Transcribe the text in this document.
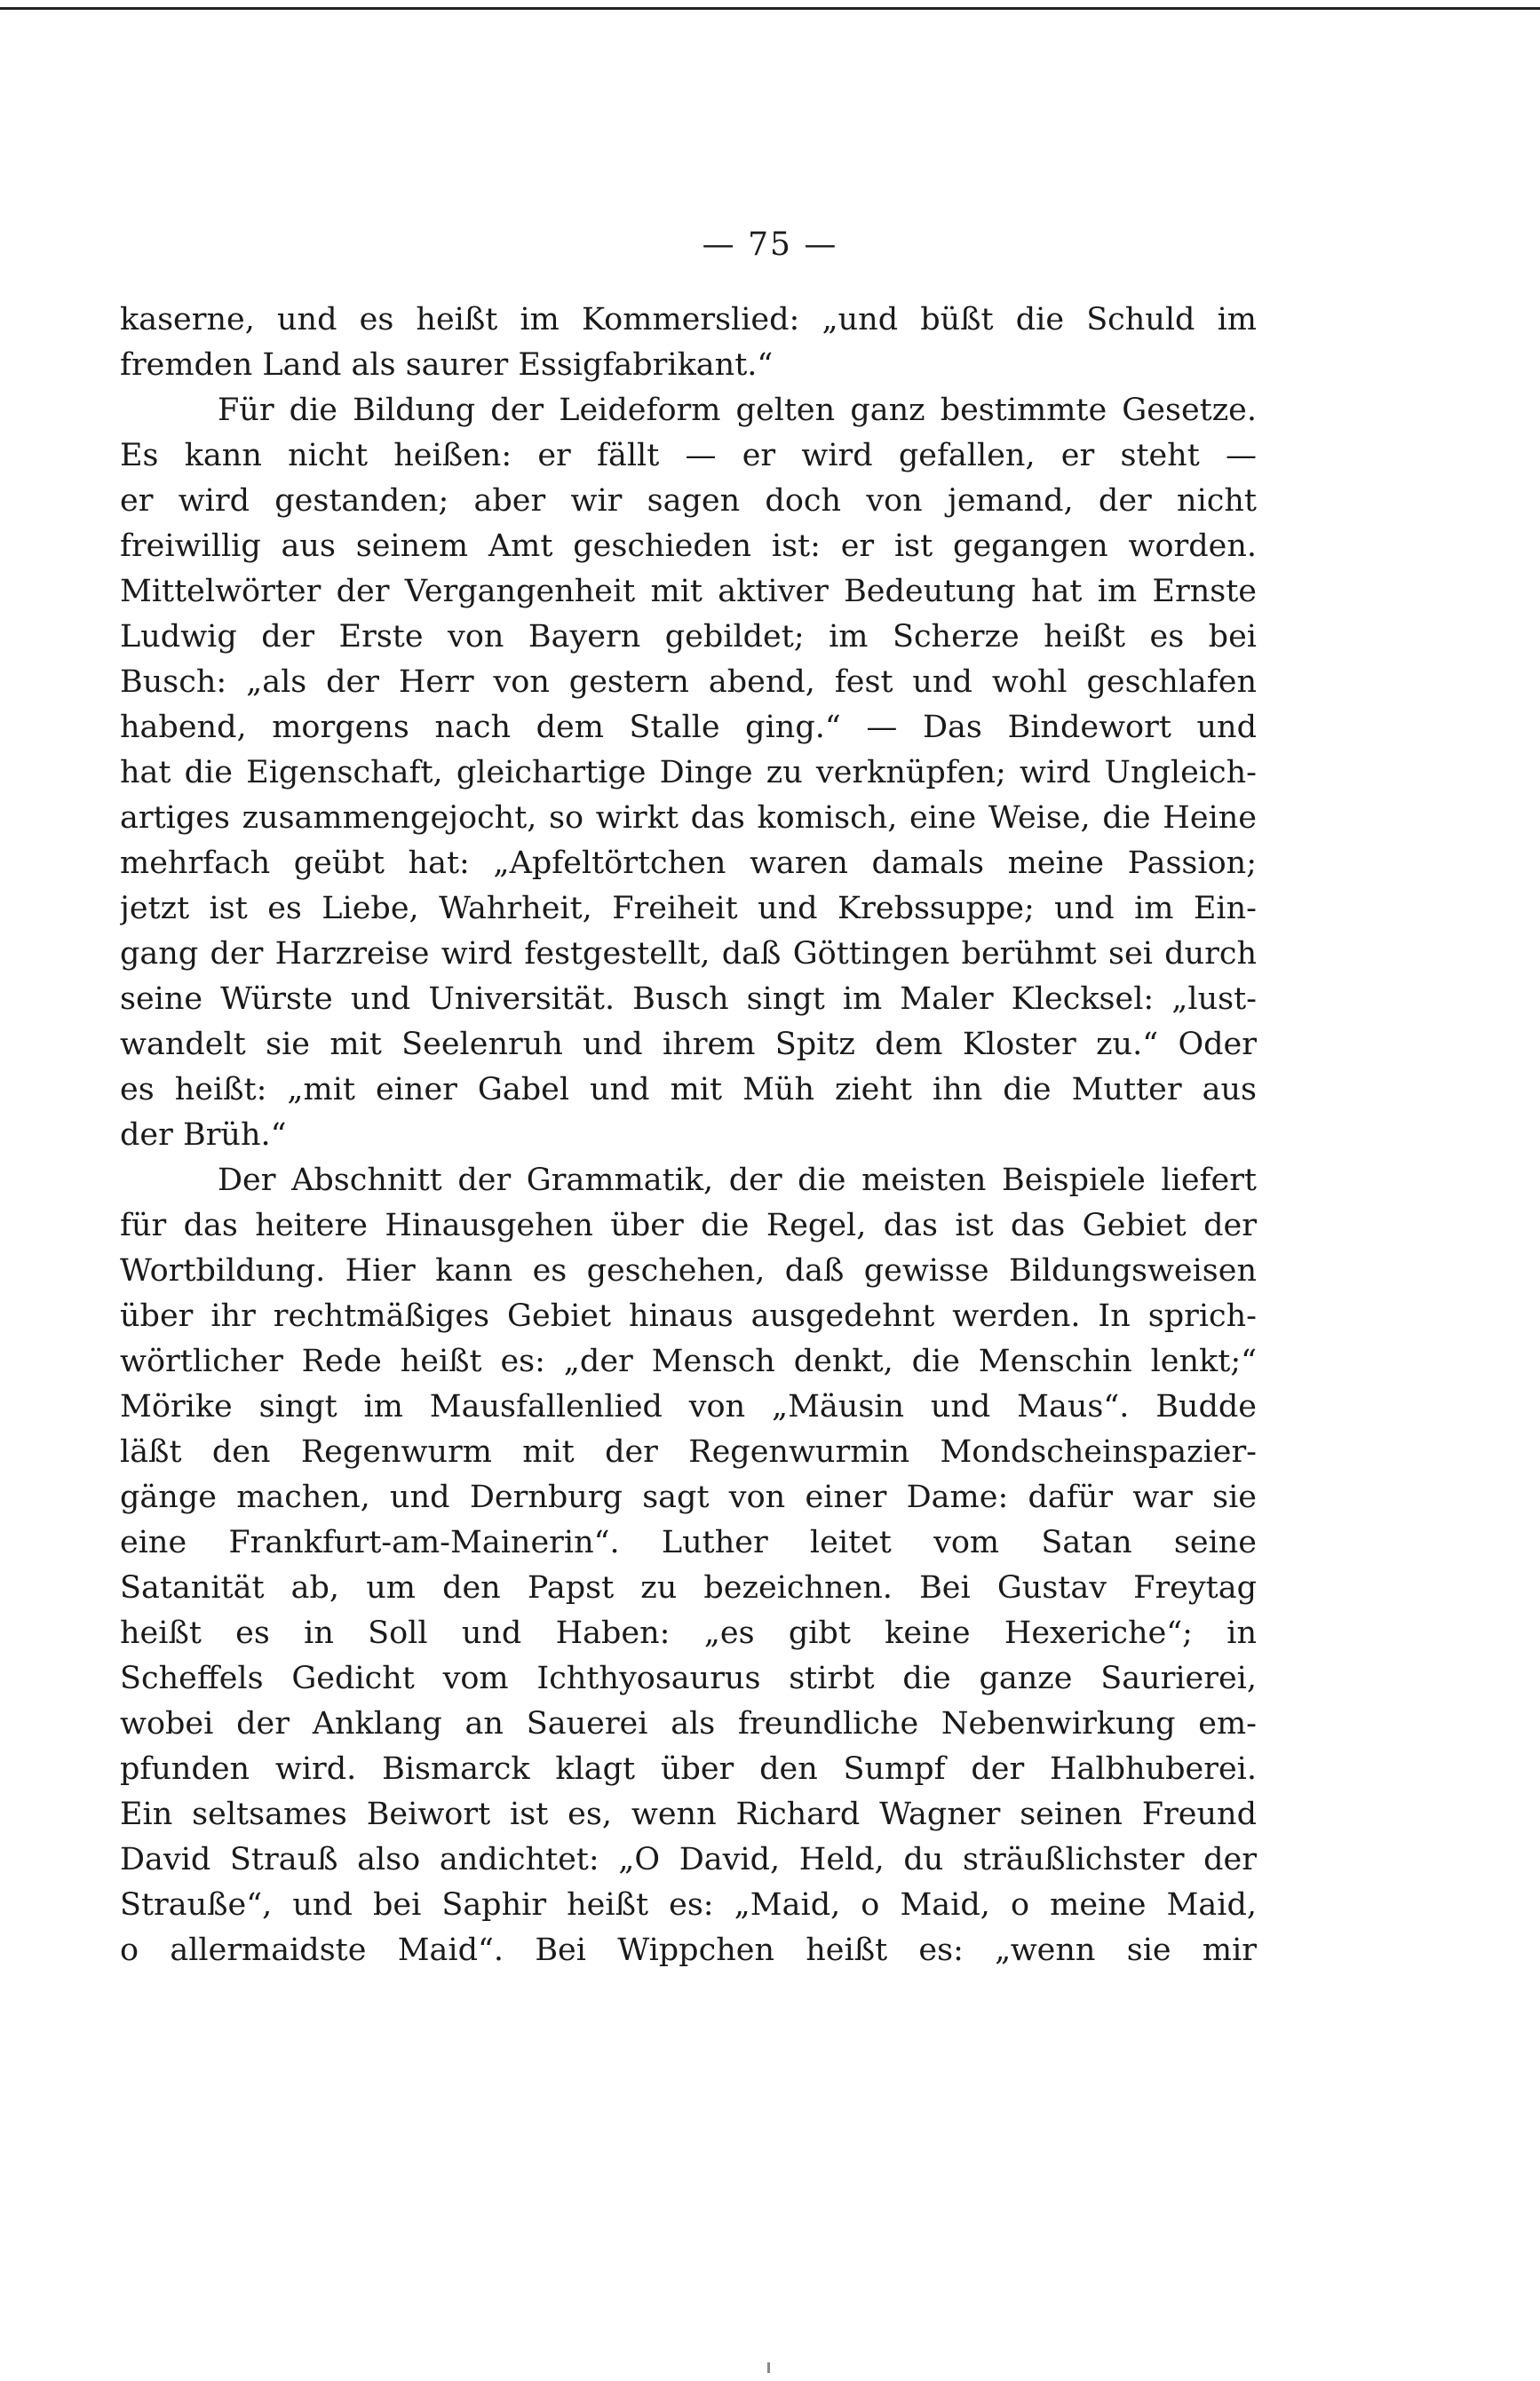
— 75 —
kaserne, und es heißt im Kommerslied: „und büßt die Schuld im
fremden Land als saurer Essigfabrikant.“
Für die Bildung der Leideform gelten ganz bestimmte Gesetze.
Es kann nicht heißen: er fällt — er wird gefallen, er steht —
er wird gestanden; aber wir sagen doch von jemand, der nicht
freiwillig aus seinem Amt geschieden ist: er ist gegangen worden.
Mittelwörter der Vergangenheit mit aktiver Bedeutung hat im Ernste
Ludwig der Erste von Bayern gebildet; im Scherze heißt es bei
Busch: „als der Herr von gestern abend, fest und wohl geschlafen
habend, morgens nach dem Stalle ging.“ — Das Bindewort und
hat die Eigenschaft, gleichartige Dinge zu verknüpfen; wird Ungleich-
artiges zusammengejocht, so wirkt das komisch, eine Weise, die Heine
mehrfach geübt hat: „Apfeltörtchen waren damals meine Passion;
jetzt ist es Liebe, Wahrheit, Freiheit und Krebssuppe; und im Ein-
gang der Harzreise wird festgestellt, daß Göttingen berühmt sei durch
seine Würste und Universität. Busch singt im Maler Klecksel: „lust-
wandelt sie mit Seelenruh und ihrem Spitz dem Kloster zu.“ Oder
es heißt: „mit einer Gabel und mit Müh zieht ihn die Mutter aus
der Brüh.“
Der Abschnitt der Grammatik, der die meisten Beispiele liefert
für das heitere Hinausgehen über die Regel, das ist das Gebiet der
Wortbildung. Hier kann es geschehen, daß gewisse Bildungsweisen
über ihr rechtmäßiges Gebiet hinaus ausgedehnt werden. In sprich-
wörtlicher Rede heißt es: „der Mensch denkt, die Menschin lenkt;“
Mörike singt im Mausfallenlied von „Mäusin und Maus“. Budde
läßt den Regenwurm mit der Regenwurmin Mondscheinspazier-
gänge machen, und Dernburg sagt von einer Dame: dafür war sie
eine Frankfurt-am-Mainerin“. Luther leitet vom Satan seine
Satanität ab, um den Papst zu bezeichnen. Bei Gustav Freytag
heißt es in Soll und Haben: „es gibt keine Hexeriche“; in
Scheffels Gedicht vom Ichthyosaurus stirbt die ganze Saurierei,
wobei der Anklang an Sauerei als freundliche Nebenwirkung em-
pfunden wird. Bismarck klagt über den Sumpf der Halbhuberei.
Ein seltsames Beiwort ist es, wenn Richard Wagner seinen Freund
David Strauß also andichtet: „O David, Held, du sträußlichster der
Strauße“, und bei Saphir heißt es: „Maid, o Maid, o meine Maid,
o allermaidste Maid“. Bei Wippchen heißt es: „wenn sie mir
